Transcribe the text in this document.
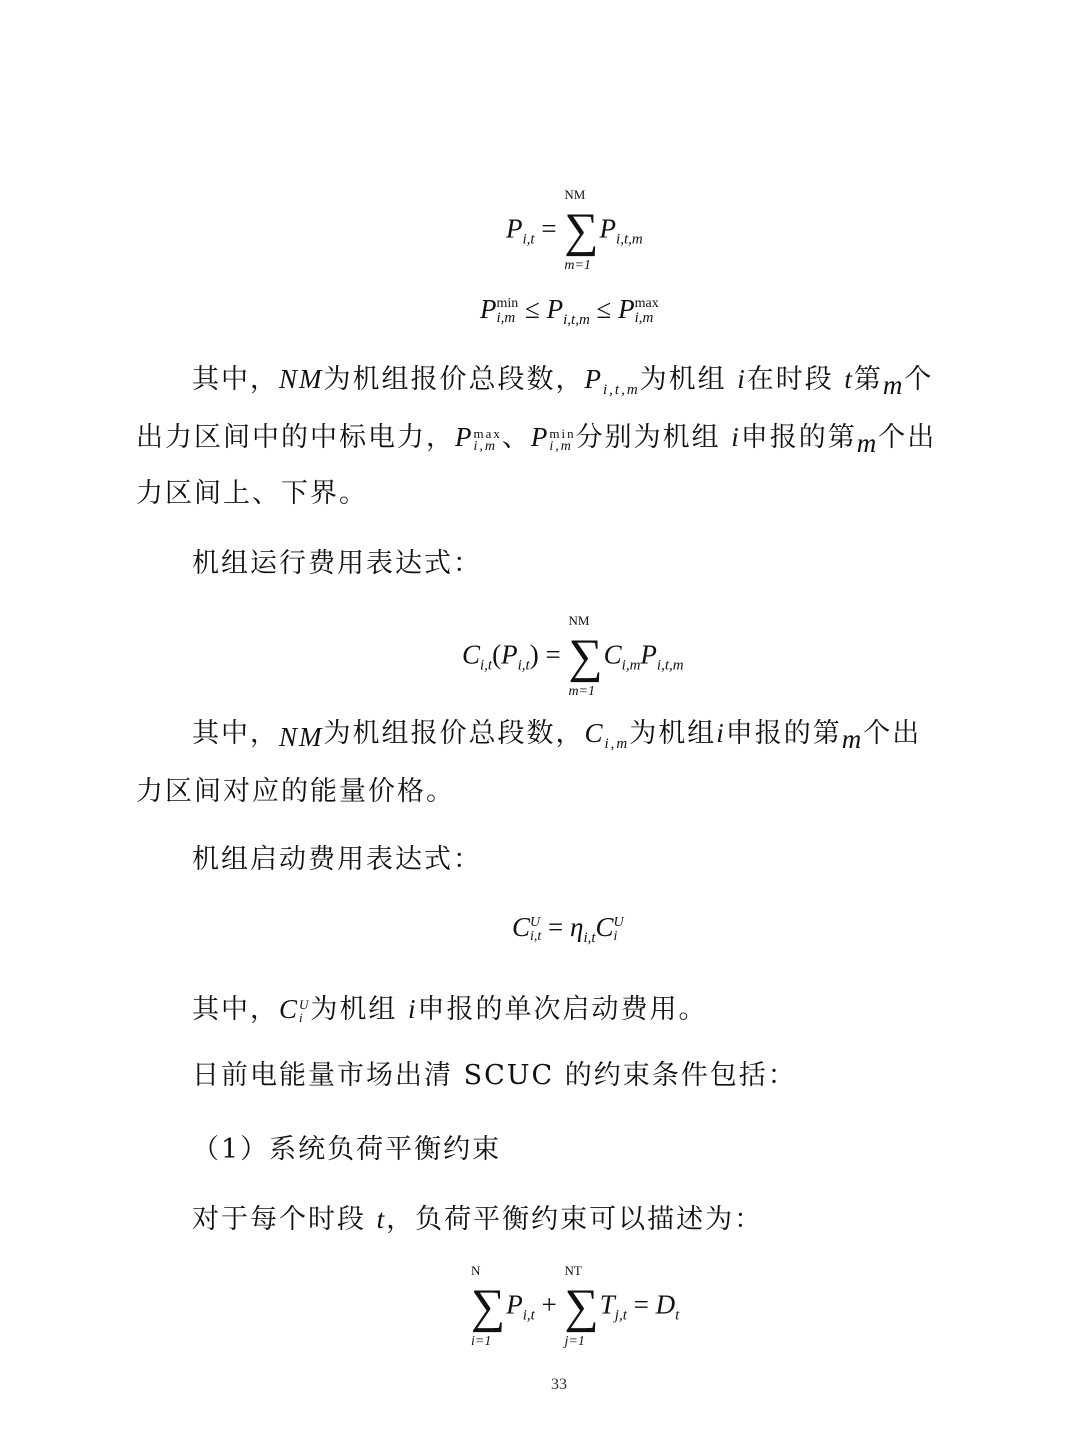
$P_{i,t}$ =
NM
∑
m=1
$P_{i,t,m}$
P min
$i,m \le P_{i,t,m} \le P$ max
i,m
其中，NM为机组报价总段数，$P_{i,t,m}$为机组 i在时段 t第m个
出力区间中的中标电力，P max
i,m 、P min
i,m 分别为机组 i申报的第m个出
力区间上、下界。
机组运行费用表达式：
$C_{i,t}(P_{i,t})$ =
NM
∑
m=1
$C_{i,m}P_{i,t,m}$
其中，NM为机组报价总段数，$C_{i,m}$为机组i申报的第m个出
力区间对应的能量价格。
机组启动费用表达式：
C U
$i,t = \eta_{i,t}C$ U
i
其中，C U
i 为机组 i申报的单次启动费用。
日前电能量市场出清 SCUC 的约束条件包括：
（1）系统负荷平衡约束
对于每个时段 t，负荷平衡约束可以描述为：
N
∑
i=1
$P_{i,t}$ +
NT
∑
j=1
$T_{j,t} = D_t$
33
